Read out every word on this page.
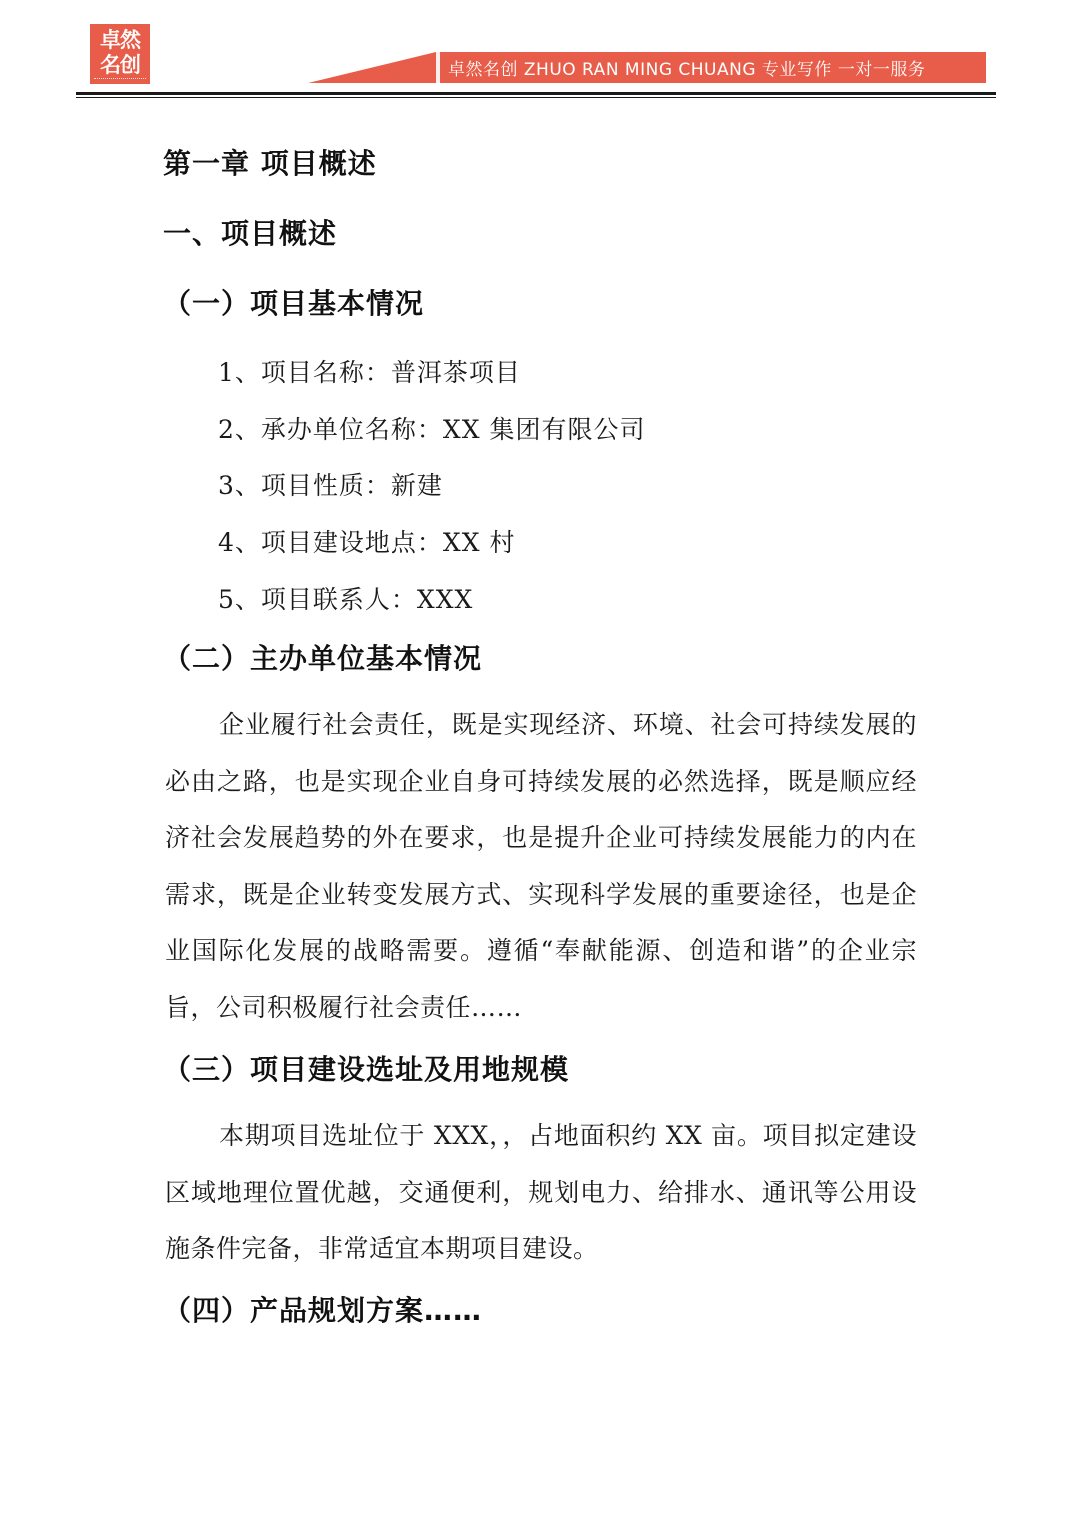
卓然
名创	卓然名创 ZHUO RAN MING CHUANG 专业写作 一对一服务
第一章 项目概述
一、项目概述
（一）项目基本情况
1、项目名称：普洱茶项目
2、承办单位名称：XX 集团有限公司
3、项目性质：新建
4、项目建设地点：XX 村
5、项目联系人：XXX
（二）主办单位基本情况

企业履行社会责任，既是实现经济、环境、社会可持续发展的必由之路，也是实现企业自身可持续发展的必然选择，既是顺应经济社会发展趋势的外在要求，也是提升企业可持续发展能力的内在需求，既是企业转变发展方式、实现科学发展的重要途径，也是企业国际化发展的战略需要。遵循“奉献能源、创造和谐”的企业宗旨，公司积极履行社会责任……

（三）项目建设选址及用地规模

本期项目选址位于 XXX，，占地面积约 XX 亩。项目拟定建设区域地理位置优越，交通便利，规划电力、给排水、通讯等公用设施条件完备，非常适宜本期项目建设。

（四）产品规划方案……
